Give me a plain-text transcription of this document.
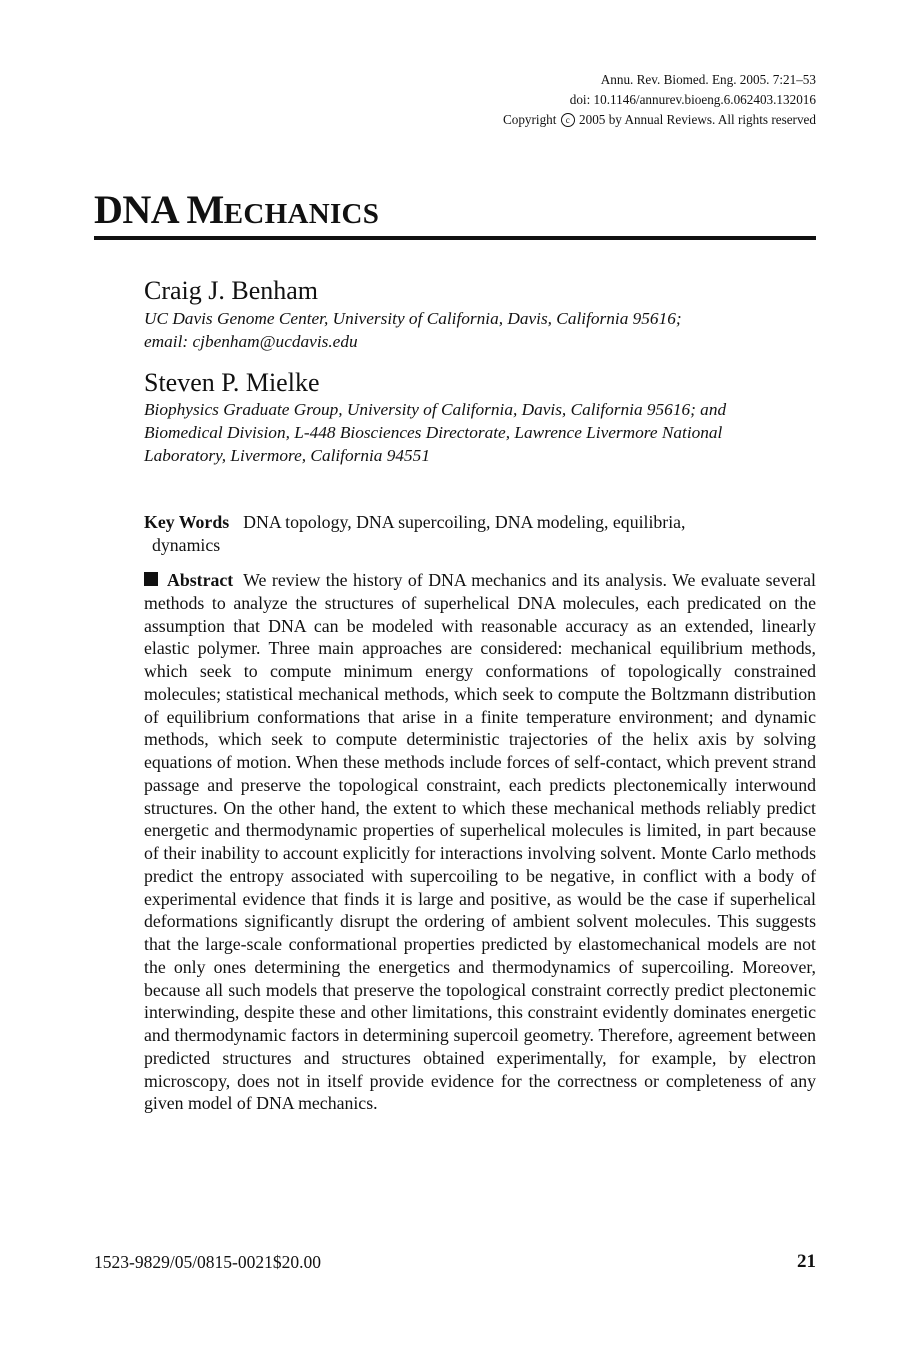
Annu. Rev. Biomed. Eng. 2005. 7:21–53
doi: 10.1146/annurev.bioeng.6.062403.132016
Copyright c 2005 by Annual Reviews. All rights reserved
DNA MECHANICS
Craig J. Benham
UC Davis Genome Center, University of California, Davis, California 95616;
email: cjbenham@ucdavis.edu
Steven P. Mielke
Biophysics Graduate Group, University of California, Davis, California 95616; and
Biomedical Division, L-448 Biosciences Directorate, Lawrence Livermore National
Laboratory, Livermore, California 94551
Key Words DNA topology, DNA supercoiling, DNA modeling, equilibria,
dynamics

Abstract We review the history of DNA mechanics and its analysis. We evaluate several methods to analyze the structures of superhelical DNA molecules, each predicated on the assumption that DNA can be modeled with reasonable accuracy as an extended, linearly elastic polymer. Three main approaches are considered: mechanical equilibrium methods, which seek to compute minimum energy conformations of topologically constrained molecules; statistical mechanical methods, which seek to compute the Boltzmann distribution of equilibrium conformations that arise in a finite temperature environment; and dynamic methods, which seek to compute deterministic trajectories of the helix axis by solving equations of motion. When these methods include forces of self-contact, which prevent strand passage and preserve the topological constraint, each predicts plectonemically interwound structures. On the other hand, the extent to which these mechanical methods reliably predict energetic and thermodynamic properties of superhelical molecules is limited, in part because of their inability to account explicitly for interactions involving solvent. Monte Carlo methods predict the entropy associated with supercoiling to be negative, in conflict with a body of experimental evidence that finds it is large and positive, as would be the case if superhelical deformations significantly disrupt the ordering of ambient solvent molecules. This suggests that the large-scale conformational properties predicted by elastomechanical models are not the only ones determining the energetics and thermodynamics of supercoiling. Moreover, because all such models that preserve the topological constraint correctly predict plectonemic interwinding, despite these and other limitations, this constraint evidently dominates energetic and thermodynamic factors in determining supercoil geometry. Therefore, agreement between predicted structures and structures obtained experimentally, for example, by electron microscopy, does not in itself provide evidence for the correctness or completeness of any given model of DNA mechanics.

1523-9829/05/0815-0021$20.00	21
